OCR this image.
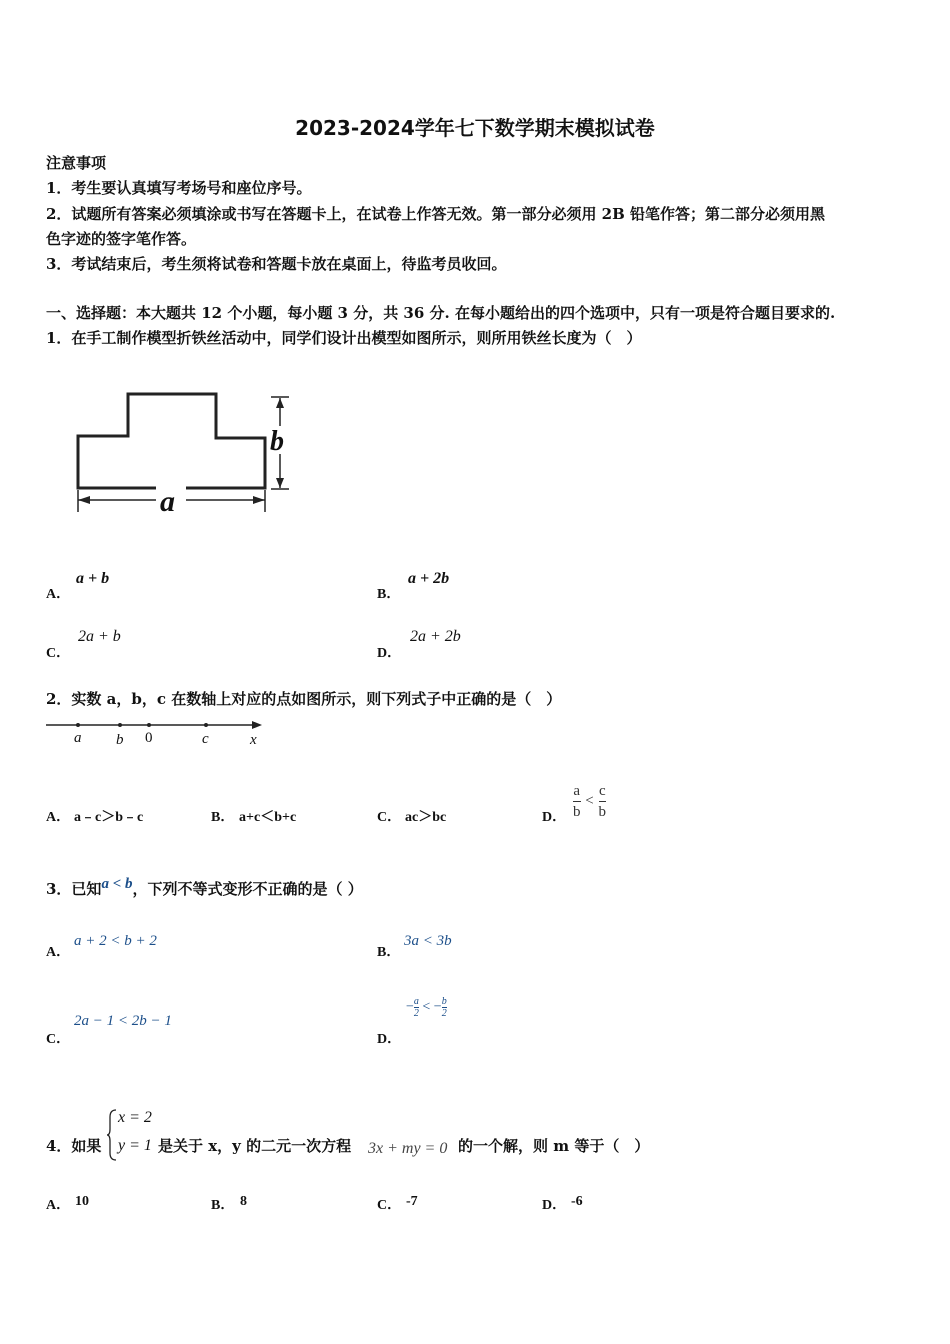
2023-2024学年七下数学期末模拟试卷
注意事项
1．考生要认真填写考场号和座位序号。
2．试题所有答案必须填涂或书写在答题卡上，在试卷上作答无效。第一部分必须用 2B 铅笔作答；第二部分必须用黑
色字迹的签字笔作答。
3．考试结束后，考生须将试卷和答题卡放在桌面上，待监考员收回。
一、选择题：本大题共 12 个小题，每小题 3 分，共 36 分. 在每小题给出的四个选项中，只有一项是符合题目要求的.
1．在手工制作模型折铁丝活动中，同学们设计出模型如图所示，则所用铁丝长度为（　）
b
a
A．
a + b
B．
a + 2b
C．
2a + b
D．
2a + 2b
2．实数 a，b，c 在数轴上对应的点如图所示，则下列式子中正确的是（　）
a b 0	c	x
A． a﹣c＞b﹣c	B． a+c＜b+c	C． ac＞bc	D． $\frac{a}{b} < \frac{c}{b}$
3．已知a < b，下列不等式变形不正确的是（ ）
A．
a + 2 < b + 2
B．
3a < 3b
C．
2a − 1 < 2b − 1
D．
− $\frac{a}{2}$ < − $\frac{b}{2}$
4．如果
x = 2
y = 1 是关于 x，y 的二元一次方程 3x + my = 0 的一个解，则 m 等于（　）
A． 10	B． 8	C． -7	D． -6
